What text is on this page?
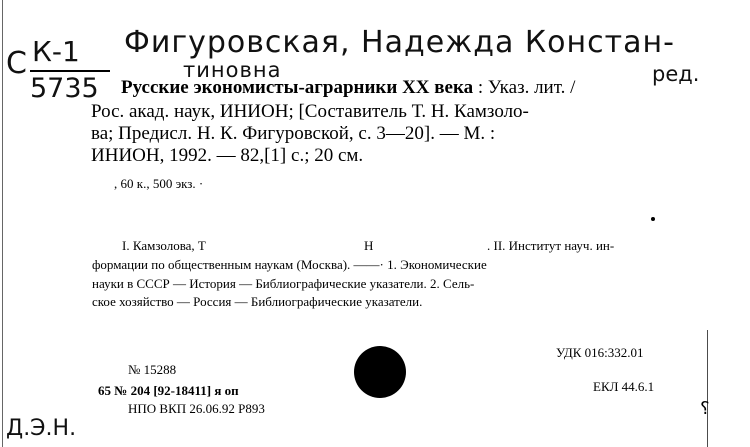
С К-1
5735
Фигуровская, Надежда Констан-
тиновна	ред.
Д.Э.Н.
Русские экономисты-аграрники XX века : Указ. лит. /
Рос. акад. наук, ИНИОН; [Составитель Т. Н. Камзоло-
ва; Предисл. Н. К. Фигуровской, с. 3—20]. — М. :
ИНИОН, 1992. — 82,[1] с.; 20 см.
, 60 к., 500 экз. ·
I. Камзолова, Т	Н	. II. Институт науч. ин-
формации по общественным наукам (Москва). ——· 1. Экономические
науки в СССР — История — Библиографические указатели. 2. Сель-
ское хозяйство — Россия — Библиографические указатели.
№ 15288
65 № 204 [92-18411] я оп
НПО ВКП 26.06.92 Р893
УДК 016:332.01
ЕКЛ 44.6.1
?
